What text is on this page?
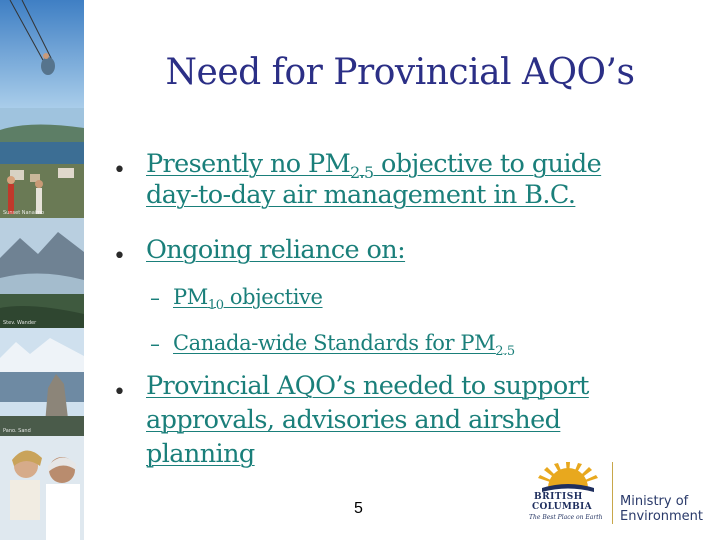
Sunset Nanaimo
Stev. Wander
Pano. Sand
Need for Provincial AQO’s
• Presently no $PM_{2.5}$ objective to guide
day-to-day air management in B.C.
• Ongoing reliance on:
– $PM_{10}$ objective
– Canada-wide Standards for $PM_{2.5}$
• Provincial AQO’s needed to support
approvals, advisories and airshed
planning
5
BRITISH
COLUMBIA
The Best Place on Earth
Ministry of
Environment
